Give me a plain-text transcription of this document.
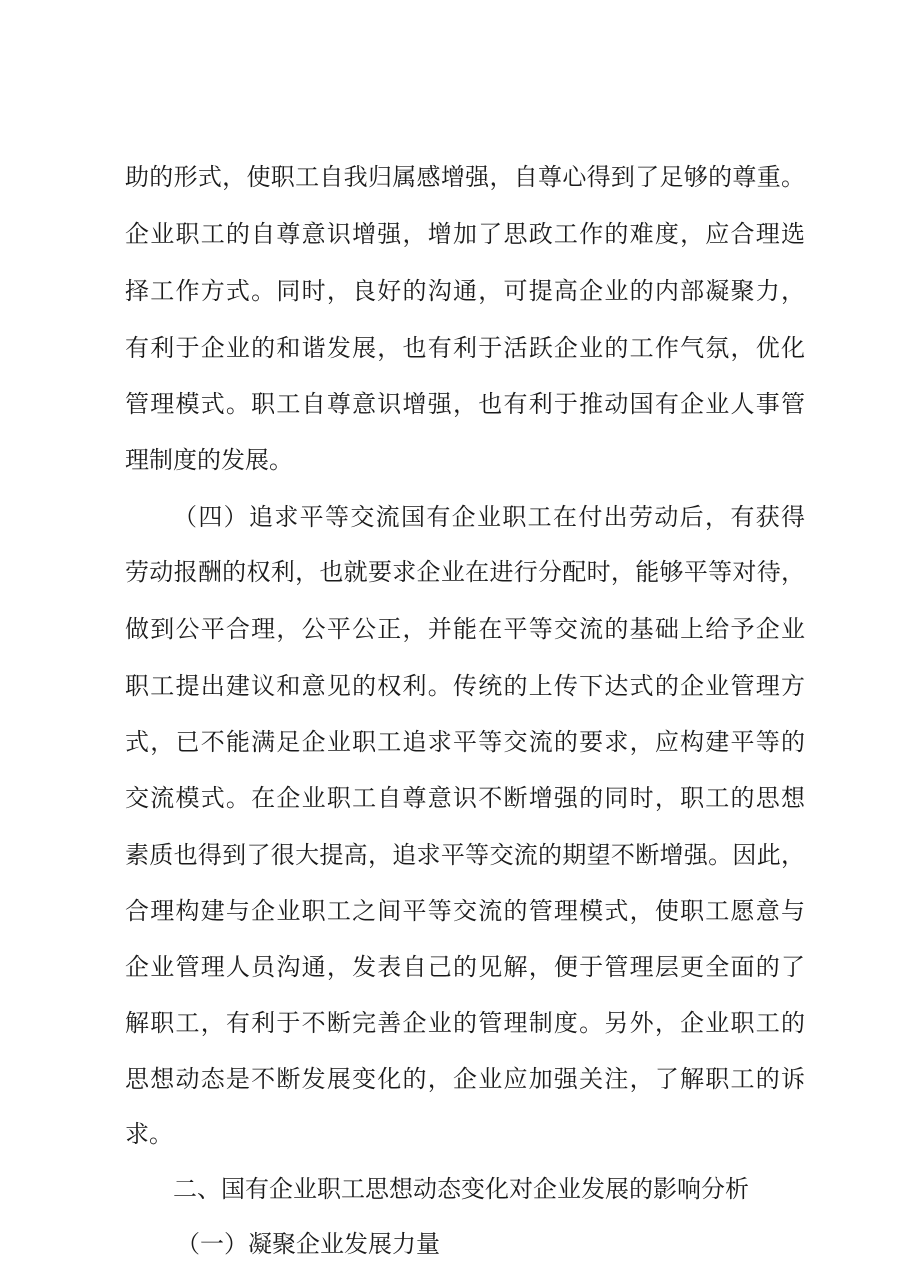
助的形式，使职工自我归属感增强，自尊心得到了足够的尊重。
企业职工的自尊意识增强，增加了思政工作的难度，应合理选
择工作方式。同时，良好的沟通，可提高企业的内部凝聚力，
有利于企业的和谐发展，也有利于活跃企业的工作气氛，优化
管理模式。职工自尊意识增强，也有利于推动国有企业人事管
理制度的发展。
（四）追求平等交流国有企业职工在付出劳动后，有获得
劳动报酬的权利，也就要求企业在进行分配时，能够平等对待，
做到公平合理，公平公正，并能在平等交流的基础上给予企业
职工提出建议和意见的权利。传统的上传下达式的企业管理方
式，已不能满足企业职工追求平等交流的要求，应构建平等的
交流模式。在企业职工自尊意识不断增强的同时，职工的思想
素质也得到了很大提高，追求平等交流的期望不断增强。因此，
合理构建与企业职工之间平等交流的管理模式，使职工愿意与
企业管理人员沟通，发表自己的见解，便于管理层更全面的了
解职工，有利于不断完善企业的管理制度。另外，企业职工的
思想动态是不断发展变化的，企业应加强关注，了解职工的诉
求。
二、国有企业职工思想动态变化对企业发展的影响分析
（一）凝聚企业发展力量
